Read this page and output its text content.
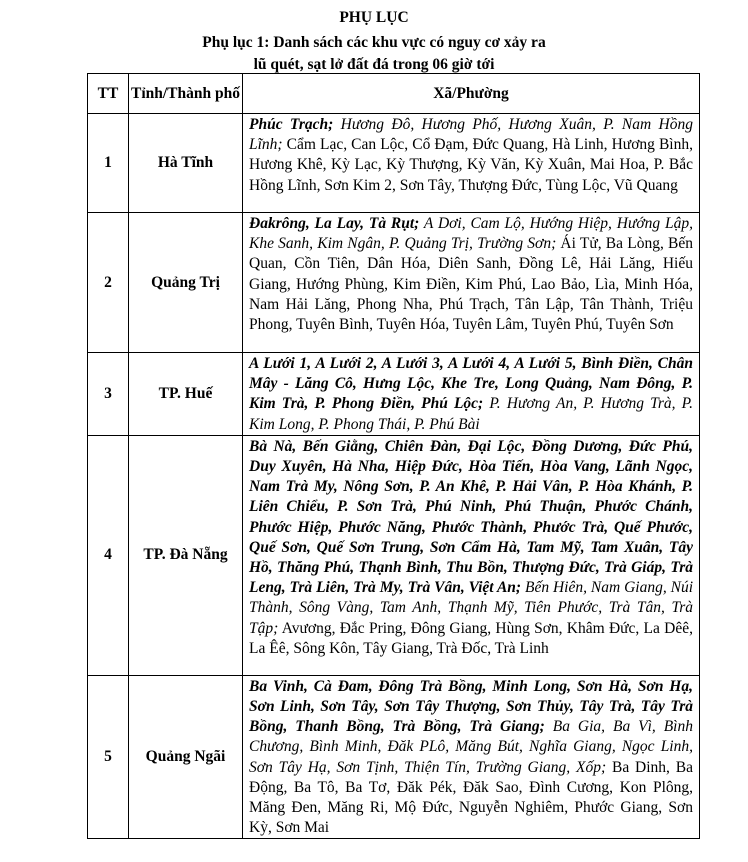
PHỤ LỤC
Phụ lục 1: Danh sách các khu vực có nguy cơ xảy ra
lũ quét, sạt lở đất đá trong 06 giờ tới
TT	Tỉnh/Thành phố	Xã/Phường
1	Hà Tĩnh	Phúc Trạch; Hương Đô, Hương Phố, Hương Xuân, P. Nam Hồng Lĩnh; Cẩm Lạc, Can Lộc, Cổ Đạm, Đức Quang, Hà Linh, Hương Bình, Hương Khê, Kỳ Lạc, Kỳ Thượng, Kỳ Văn, Kỳ Xuân, Mai Hoa, P. Bắc Hồng Lĩnh, Sơn Kim 2, Sơn Tây, Thượng Đức, Tùng Lộc, Vũ Quang
2	Quảng Trị	Đakrông, La Lay, Tà Rụt; A Dơi, Cam Lộ, Hướng Hiệp, Hướng Lập, Khe Sanh, Kim Ngân, P. Quảng Trị, Trường Sơn; Ái Tử, Ba Lòng, Bến Quan, Cồn Tiên, Dân Hóa, Diên Sanh, Đồng Lê, Hải Lăng, Hiếu Giang, Hướng Phùng, Kim Điền, Kim Phú, Lao Bảo, Lìa, Minh Hóa, Nam Hải Lăng, Phong Nha, Phú Trạch, Tân Lập, Tân Thành, Triệu Phong, Tuyên Bình, Tuyên Hóa, Tuyên Lâm, Tuyên Phú, Tuyên Sơn
3	TP. Huế	A Lưới 1, A Lưới 2, A Lưới 3, A Lưới 4, A Lưới 5, Bình Điền, Chân Mây - Lăng Cô, Hưng Lộc, Khe Tre, Long Quảng, Nam Đông, P. Kim Trà, P. Phong Điền, Phú Lộc; P. Hương An, P. Hương Trà, P. Kim Long, P. Phong Thái, P. Phú Bài
4	TP. Đà Nẵng	Bà Nà, Bến Giằng, Chiên Đàn, Đại Lộc, Đồng Dương, Đức Phú, Duy Xuyên, Hà Nha, Hiệp Đức, Hòa Tiến, Hòa Vang, Lãnh Ngọc, Nam Trà My, Nông Sơn, P. An Khê, P. Hải Vân, P. Hòa Khánh, P. Liên Chiểu, P. Sơn Trà, Phú Ninh, Phú Thuận, Phước Chánh, Phước Hiệp, Phước Năng, Phước Thành, Phước Trà, Quế Phước, Quế Sơn, Quế Sơn Trung, Sơn Cẩm Hà, Tam Mỹ, Tam Xuân, Tây Hồ, Thăng Phú, Thạnh Bình, Thu Bồn, Thượng Đức, Trà Giáp, Trà Leng, Trà Liên, Trà My, Trà Vân, Việt An; Bến Hiên, Nam Giang, Núi Thành, Sông Vàng, Tam Anh, Thạnh Mỹ, Tiên Phước, Trà Tân, Trà Tập; Avương, Đắc Pring, Đông Giang, Hùng Sơn, Khâm Đức, La Dêê, La Êê, Sông Kôn, Tây Giang, Trà Đốc, Trà Linh
5	Quảng Ngãi	Ba Vinh, Cà Đam, Đông Trà Bồng, Minh Long, Sơn Hà, Sơn Hạ, Sơn Linh, Sơn Tây, Sơn Tây Thượng, Sơn Thủy, Tây Trà, Tây Trà Bồng, Thanh Bồng, Trà Bồng, Trà Giang; Ba Gia, Ba Vì, Bình Chương, Bình Minh, Đăk PLô, Măng Bút, Nghĩa Giang, Ngọc Linh, Sơn Tây Hạ, Sơn Tịnh, Thiện Tín, Trường Giang, Xốp; Ba Dinh, Ba Động, Ba Tô, Ba Tơ, Đăk Pék, Đăk Sao, Đình Cương, Kon Plông, Măng Đen, Măng Ri, Mộ Đức, Nguyễn Nghiêm, Phước Giang, Sơn Kỳ, Sơn Mai
